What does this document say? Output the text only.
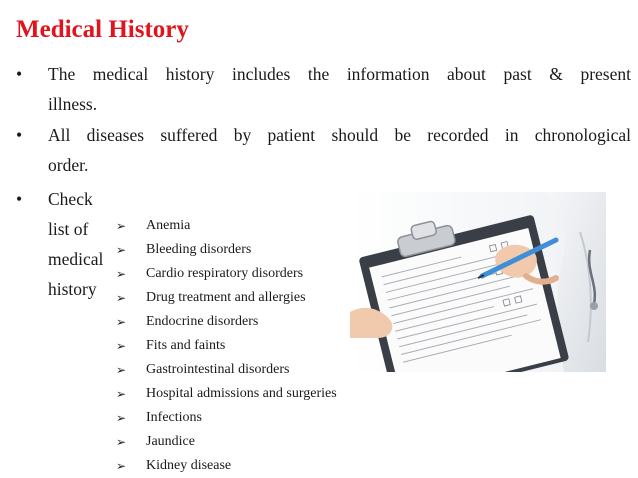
Medical History
•	The medical history includes the information about past & present
illness.
•	All diseases suffered by patient should be recorded in chronological
order.
•	Check list of medical history
➢ Anemia
➢ Bleeding disorders
➢ Cardio respiratory disorders
➢ Drug treatment and allergies
➢ Endocrine disorders
➢ Fits and faints
➢ Gastrointestinal disorders
➢ Hospital admissions and surgeries
➢ Infections
➢ Jaundice
➢ Kidney disease
